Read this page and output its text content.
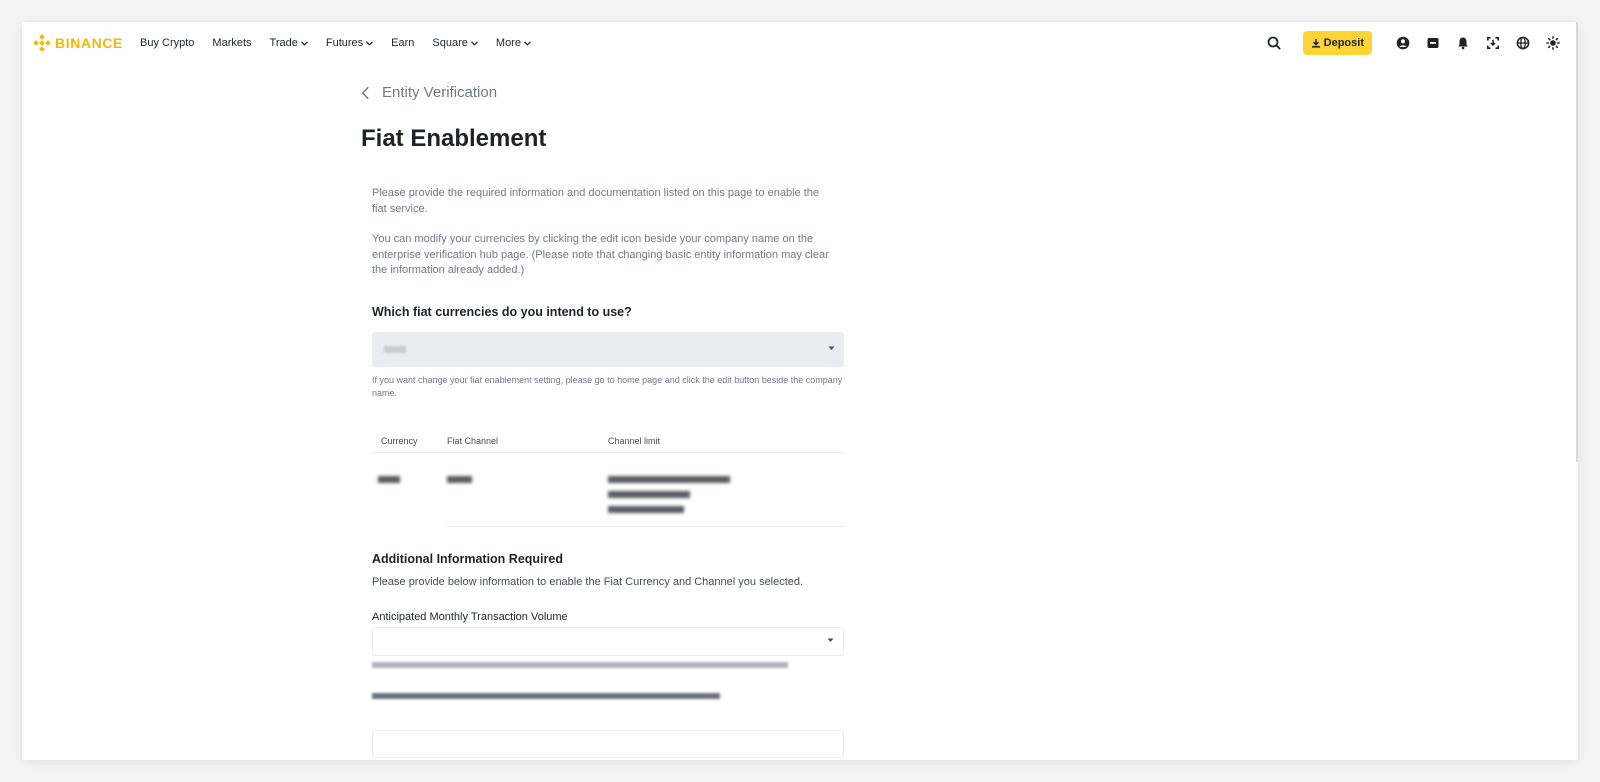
BINANCE Buy Crypto Markets Trade	Futures	Earn Square	More	Deposit
Entity Verification
Fiat Enablement

Please provide the required information and documentation listed on this page to enable the fiat service.

You can modify your currencies by clicking the edit icon beside your company name on the enterprise verification hub page. (Please note that changing basic entity information may clear the information already added.)

Which fiat currencies do you intend to use?

If you want change your fiat enablement setting, please go to home page and click the edit button beside the company name.

Currency	Fiat Channel	Channel limit
Additional Information Required
Please provide below information to enable the Fiat Currency and Channel you selected.
Anticipated Monthly Transaction Volume
